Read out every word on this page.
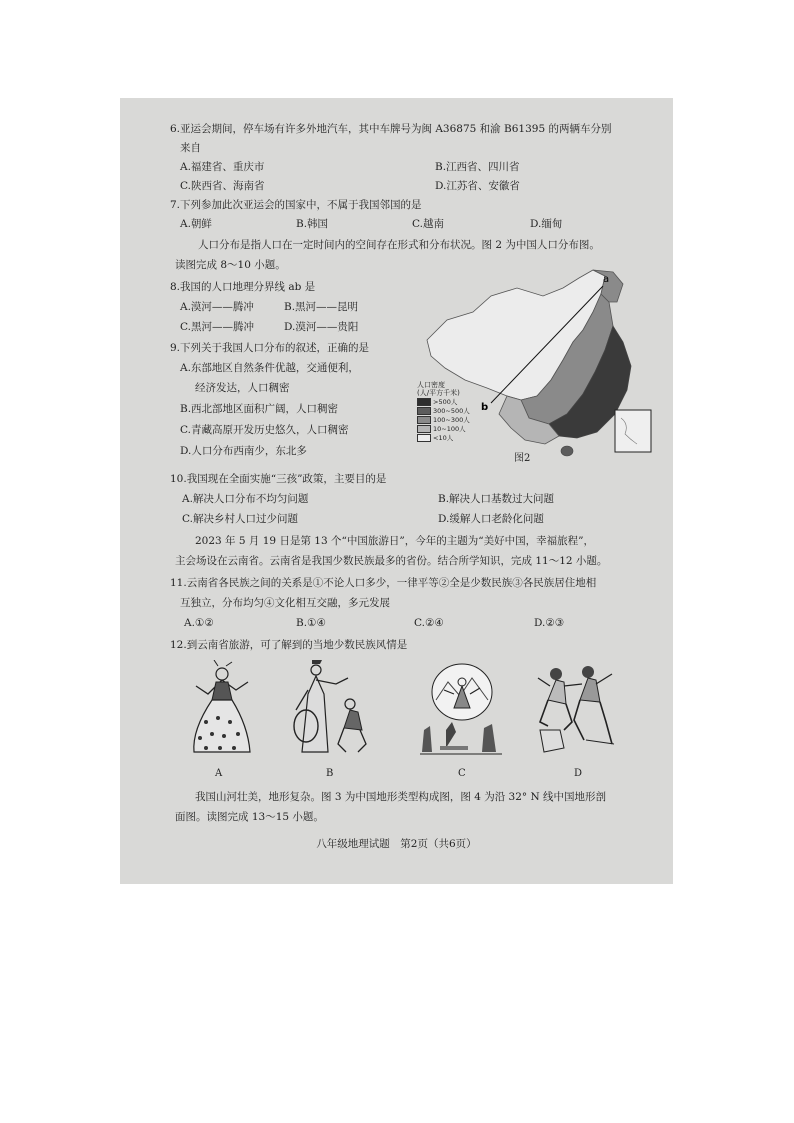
6.亚运会期间，停车场有许多外地汽车，其中车牌号为闽 A36875 和渝 B61395 的两辆车分别
来自
A.福建省、重庆市	B.江西省、四川省
C.陕西省、海南省	D.江苏省、安徽省
7.下列参加此次亚运会的国家中，不属于我国邻国的是
A.朝鲜	B.韩国	C.越南	D.缅甸
人口分布是指人口在一定时间内的空间存在形式和分布状况。图 2 为中国人口分布图。
读图完成 8～10 小题。
8.我国的人口地理分界线 ab 是
A.漠河——腾冲	B.黑河——昆明
C.黑河——腾冲	D.漠河——贵阳
9.下列关于我国人口分布的叙述，正确的是
A.东部地区自然条件优越，交通便利，
经济发达，人口稠密
B.西北部地区面积广阔，人口稠密
C.青藏高原开发历史悠久，人口稠密
D.人口分布西南少，东北多
a
b
人口密度
(人/平方千米)
>500人
300~500人
100~300人
10~100人
<10人
图2
10.我国现在全面实施“三孩”政策，主要目的是
A.解决人口分布不均匀问题	B.解决人口基数过大问题
C.解决乡村人口过少问题	D.缓解人口老龄化问题
2023 年 5 月 19 日是第 13 个“中国旅游日”，今年的主题为“美好中国，幸福旅程”，
主会场设在云南省。云南省是我国少数民族最多的省份。结合所学知识，完成 11～12 小题。
11.云南省各民族之间的关系是①不论人口多少，一律平等②全是少数民族③各民族居住地相
互独立，分布均匀④文化相互交融，多元发展
A.①②	B.①④	C.②④	D.②③
12.到云南省旅游，可了解到的当地少数民族风情是
A	B	C	D
我国山河壮美，地形复杂。图 3 为中国地形类型构成图，图 4 为沿 32° N 线中国地形剖
面图。读图完成 13～15 小题。
八年级地理试题　第2页（共6页）
